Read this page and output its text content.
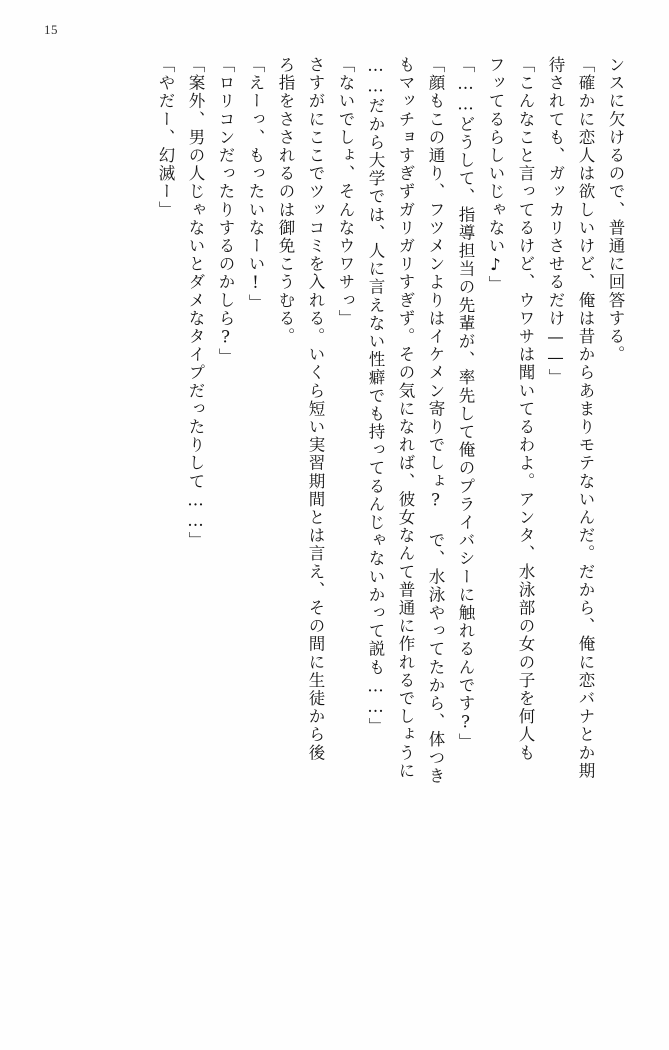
15
ンスに欠けるので、普通に回答する。
「確かに恋人は欲しいけど、俺は昔からあまりモテないんだ。だから、俺に恋バナとか期
待されても、ガッカリさせるだけ——」
「こんなこと言ってるけど、ウワサは聞いてるわよ。アンタ、水泳部の女の子を何人も
フッてるらしいじゃない♪」
「……どうして、指導担当の先輩が、率先して俺のプライバシーに触れるんです?」
「顔もこの通り、フツメンよりはイケメン寄りでしょ? で、水泳やってたから、体つき
もマッチョすぎずガリガリすぎず。その気になれば、彼女なんて普通に作れるでしょうに
……だから大学では、人に言えない性癖でも持ってるんじゃないかって説も……」
「ないでしょ、そんなウワサっ」
さすがにここでツッコミを入れる。いくら短い実習期間とは言え、その間に生徒から後
ろ指をさされるのは御免こうむる。
「えーっ、もったいなーい!」
「ロリコンだったりするのかしら?」
「案外、男の人じゃないとダメなタイプだったりして……」
「やだー、幻滅ー」
